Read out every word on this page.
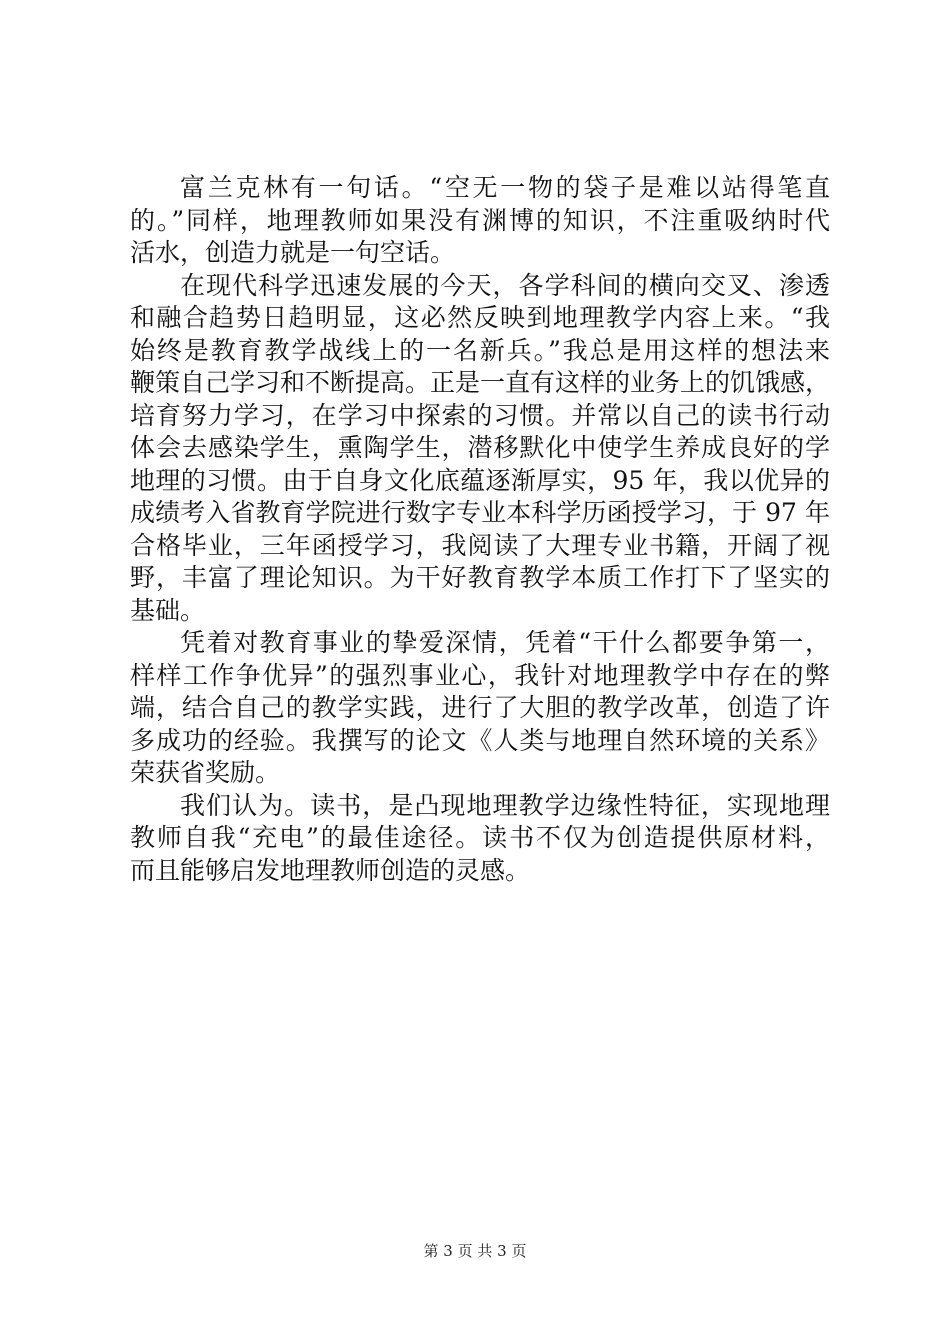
富兰克林有一句话。“空无一物的袋子是难以站得笔直
的。”同样，地理教师如果没有渊博的知识，不注重吸纳时代
活水，创造力就是一句空话。
在现代科学迅速发展的今天，各学科间的横向交叉、渗透
和融合趋势日趋明显，这必然反映到地理教学内容上来。“我
始终是教育教学战线上的一名新兵。”我总是用这样的想法来
鞭策自己学习和不断提高。正是一直有这样的业务上的饥饿感，
培育努力学习，在学习中探索的习惯。并常以自己的读书行动
体会去感染学生，熏陶学生，潜移默化中使学生养成良好的学
地理的习惯。由于自身文化底蕴逐渐厚实，95 年，我以优异的
成绩考入省教育学院进行数字专业本科学历函授学习，于 97 年
合格毕业，三年函授学习，我阅读了大理专业书籍，开阔了视
野，丰富了理论知识。为干好教育教学本质工作打下了坚实的
基础。
凭着对教育事业的挚爱深情，凭着“干什么都要争第一，
样样工作争优异”的强烈事业心，我针对地理教学中存在的弊
端，结合自己的教学实践，进行了大胆的教学改革，创造了许
多成功的经验。我撰写的论文《人类与地理自然环境的关系》
荣获省奖励。
我们认为。读书，是凸现地理教学边缘性特征，实现地理
教师自我“充电”的最佳途径。读书不仅为创造提供原材料，
而且能够启发地理教师创造的灵感。
第 3 页 共 3 页
